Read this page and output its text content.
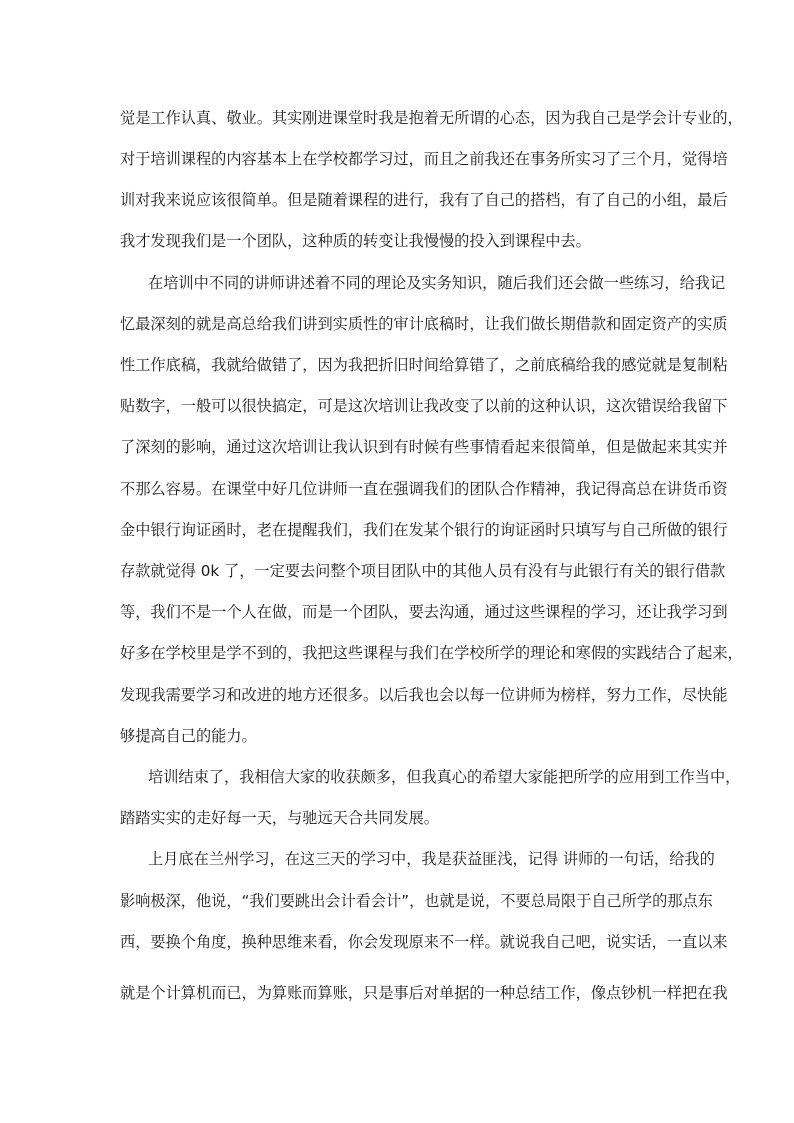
觉是工作认真、敬业。其实刚进课堂时我是抱着无所谓的心态，因为我自己是学会计专业的，
对于培训课程的内容基本上在学校都学习过，而且之前我还在事务所实习了三个月，觉得培
训对我来说应该很简单。但是随着课程的进行，我有了自己的搭档，有了自己的小组，最后
我才发现我们是一个团队，这种质的转变让我慢慢的投入到课程中去。
在培训中不同的讲师讲述着不同的理论及实务知识，随后我们还会做一些练习，给我记
忆最深刻的就是高总给我们讲到实质性的审计底稿时，让我们做长期借款和固定资产的实质
性工作底稿，我就给做错了，因为我把折旧时间给算错了，之前底稿给我的感觉就是复制粘
贴数字，一般可以很快搞定，可是这次培训让我改变了以前的这种认识，这次错误给我留下
了深刻的影响，通过这次培训让我认识到有时候有些事情看起来很简单，但是做起来其实并
不那么容易。在课堂中好几位讲师一直在强调我们的团队合作精神，我记得高总在讲货币资
金中银行询证函时，老在提醒我们，我们在发某个银行的询证函时只填写与自己所做的银行
存款就觉得 0k 了，一定要去问整个项目团队中的其他人员有没有与此银行有关的银行借款
等，我们不是一个人在做，而是一个团队，要去沟通，通过这些课程的学习，还让我学习到
好多在学校里是学不到的，我把这些课程与我们在学校所学的理论和寒假的实践结合了起来，
发现我需要学习和改进的地方还很多。以后我也会以每一位讲师为榜样，努力工作，尽快能
够提高自己的能力。
培训结束了，我相信大家的收获颇多，但我真心的希望大家能把所学的应用到工作当中，
踏踏实实的走好每一天，与驰远天合共同发展。
上月底在兰州学习，在这三天的学习中，我是获益匪浅，记得 讲师的一句话，给我的
影响极深，他说，“我们要跳出会计看会计”，也就是说，不要总局限于自己所学的那点东
西，要换个角度，换种思维来看，你会发现原来不一样。就说我自己吧，说实话，一直以来
就是个计算机而已，为算账而算账，只是事后对单据的一种总结工作，像点钞机一样把在我
